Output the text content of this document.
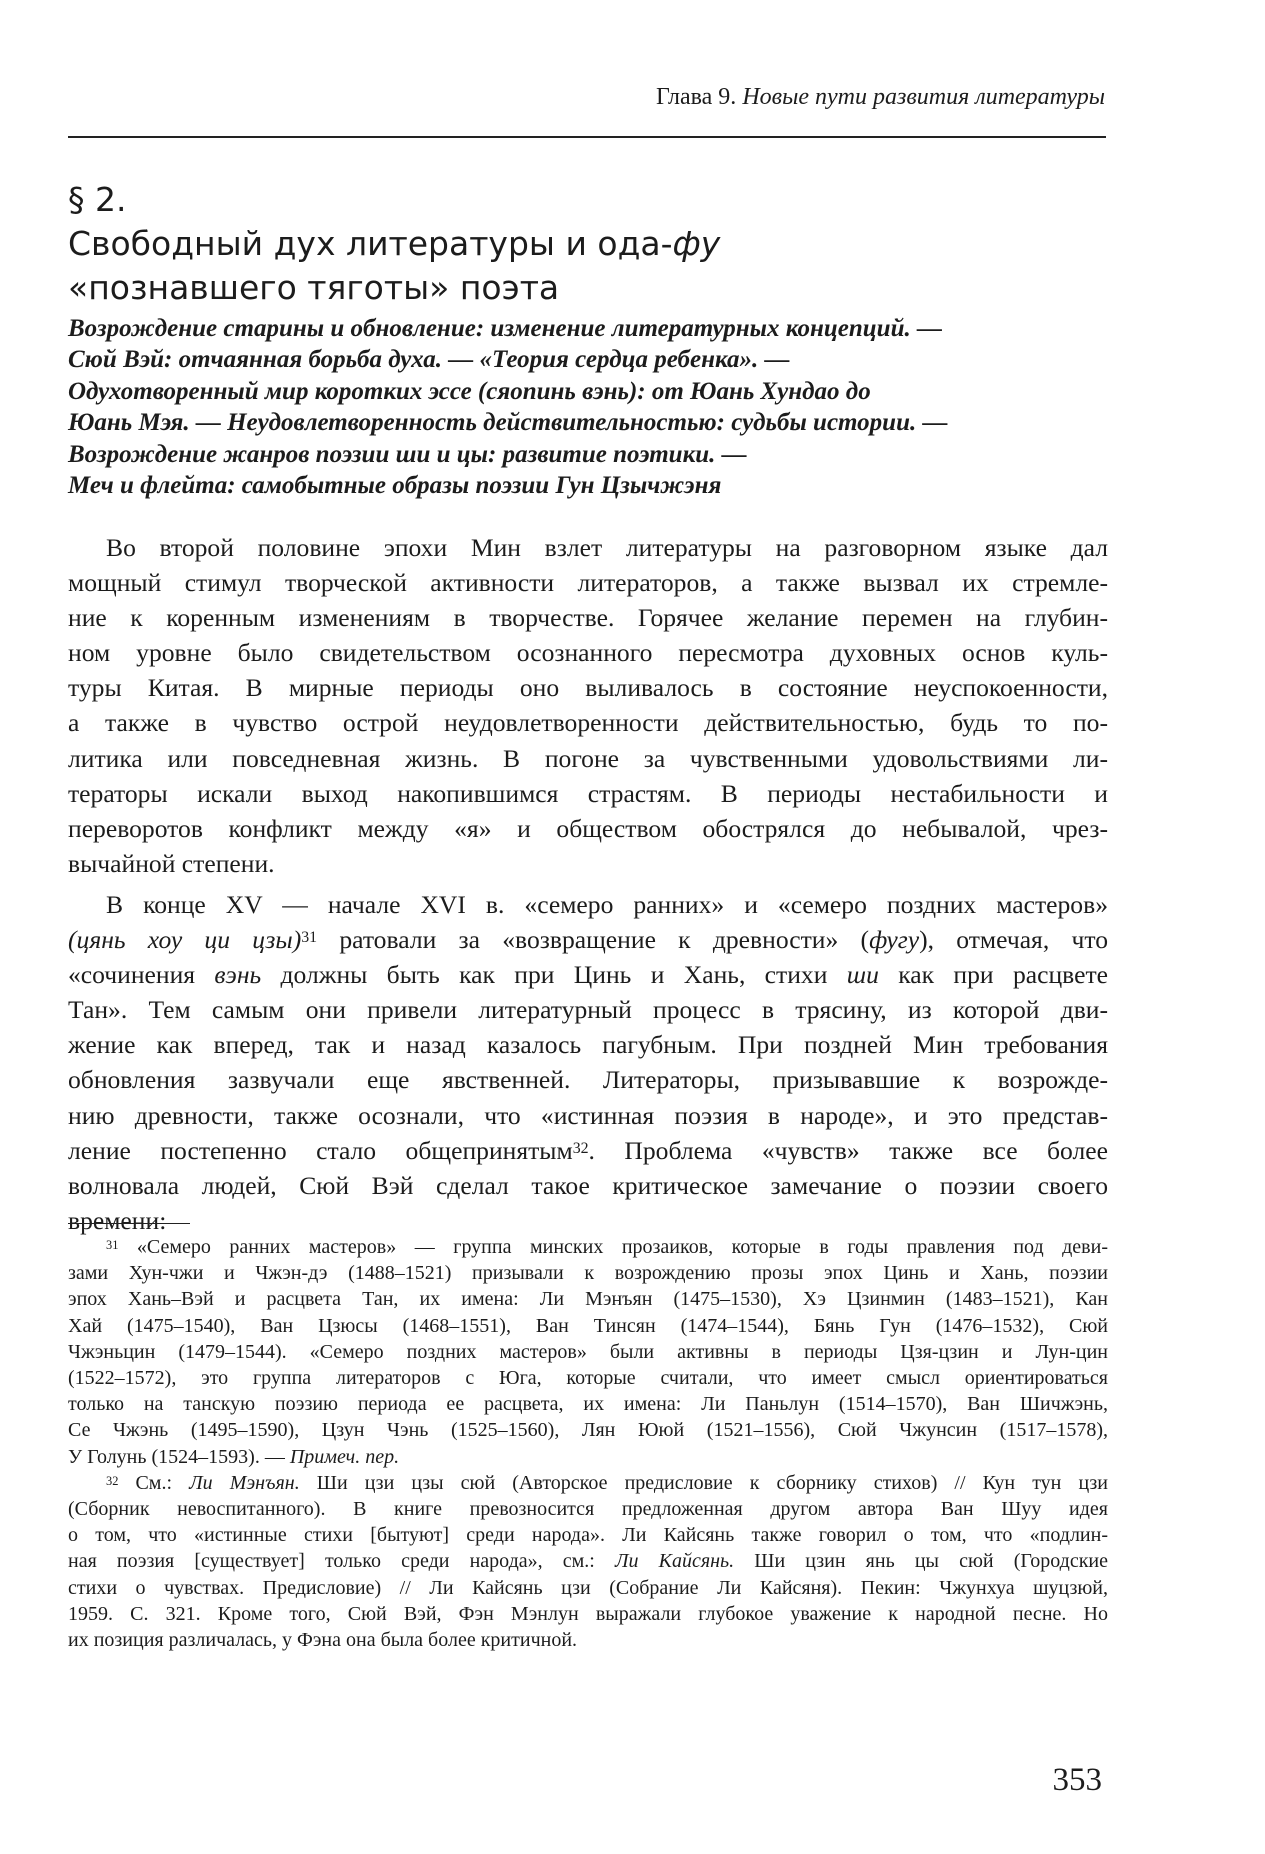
Глава 9. Новые пути развития литературы
§ 2.
Свободный дух литературы и ода-фу
«познавшего тяготы» поэта
Возрождение старины и обновление: изменение литературных концепций. —
Сюй Вэй: отчаянная борьба духа. — «Теория сердца ребенка». —
Одухотворенный мир коротких эссе (сяопинь вэнь): от Юань Хундао до
Юань Мэя. — Неудовлетворенность действительностью: судьбы истории. —
Возрождение жанров поэзии ши и цы: развитие поэтики. —
Меч и флейта: самобытные образы поэзии Гун Цзычжэня

Во второй половине эпохи Мин взлет литературы на разговорном языке дал
мощный стимул творческой активности литераторов, а также вызвал их стремле-
ние к коренным изменениям в творчестве. Горячее желание перемен на глубин-
ном уровне было свидетельством осознанного пересмотра духовных основ куль-
туры Китая. В мирные периоды оно выливалось в состояние неуспокоенности,
а также в чувство острой неудовлетворенности действительностью, будь то по-
литика или повседневная жизнь. В погоне за чувственными удовольствиями ли-
тераторы искали выход накопившимся страстям. В периоды нестабильности и
переворотов конфликт между «я» и обществом обострялся до небывалой, чрез-
вычайной степени.

В конце XV — начале XVI в. «семеро ранних» и «семеро поздних мастеров»
(цянь хоу ци цзы)$^{31}$ ратовали за «возвращение к древности» (фугу), отмечая, что
«сочинения вэнь должны быть как при Цинь и Хань, стихи ши как при расцвете
Тан». Тем самым они привели литературный процесс в трясину, из которой дви-
жение как вперед, так и назад казалось пагубным. При поздней Мин требования
обновления зазвучали еще явственней. Литераторы, призывавшие к возрожде-
нию древности, также осознали, что «истинная поэзия в народе», и это представ-
ление постепенно стало общепринятым$^{32}$. Проблема «чувств» также все более
волновала людей, Сюй Вэй сделал такое критическое замечание о поэзии своего
времени:

$^{31}$ «Семеро ранних мастеров» — группа минских прозаиков, которые в годы правления под деви-
зами Хун-чжи и Чжэн-дэ (1488–1521) призывали к возрождению прозы эпох Цинь и Хань, поэзии
эпох Хань–Вэй и расцвета Тан, их имена: Ли Мэнъян (1475–1530), Хэ Цзинмин (1483–1521), Кан
Хай (1475–1540), Ван Цзюсы (1468–1551), Ван Тинсян (1474–1544), Бянь Гун (1476–1532), Сюй
Чжэньцин (1479–1544). «Семеро поздних мастеров» были активны в периоды Цзя-цзин и Лун-цин
(1522–1572), это группа литераторов с Юга, которые считали, что имеет смысл ориентироваться
только на танскую поэзию периода ее расцвета, их имена: Ли Паньлун (1514–1570), Ван Шичжэнь,
Се Чжэнь (1495–1590), Цзун Чэнь (1525–1560), Лян Ююй (1521–1556), Сюй Чжунсин (1517–1578),
У Голунь (1524–1593). — Примеч. пер.
$^{32}$ См.: Ли Мэнъян. Ши цзи цзы сюй (Авторское предисловие к сборнику стихов) // Кун тун цзи
(Сборник невоспитанного). В книге превозносится предложенная другом автора Ван Шуу идея
о том, что «истинные стихи [бытуют] среди народа». Ли Кайсянь также говорил о том, что «подлин-
ная поэзия [существует] только среди народа», см.: Ли Кайсянь. Ши цзин янь цы сюй (Городские
стихи о чувствах. Предисловие) // Ли Кайсянь цзи (Собрание Ли Кайсяня). Пекин: Чжунхуа шуцзюй,
1959. С. 321. Кроме того, Сюй Вэй, Фэн Мэнлун выражали глубокое уважение к народной песне. Но
их позиция различалась, у Фэна она была более критичной.
353
